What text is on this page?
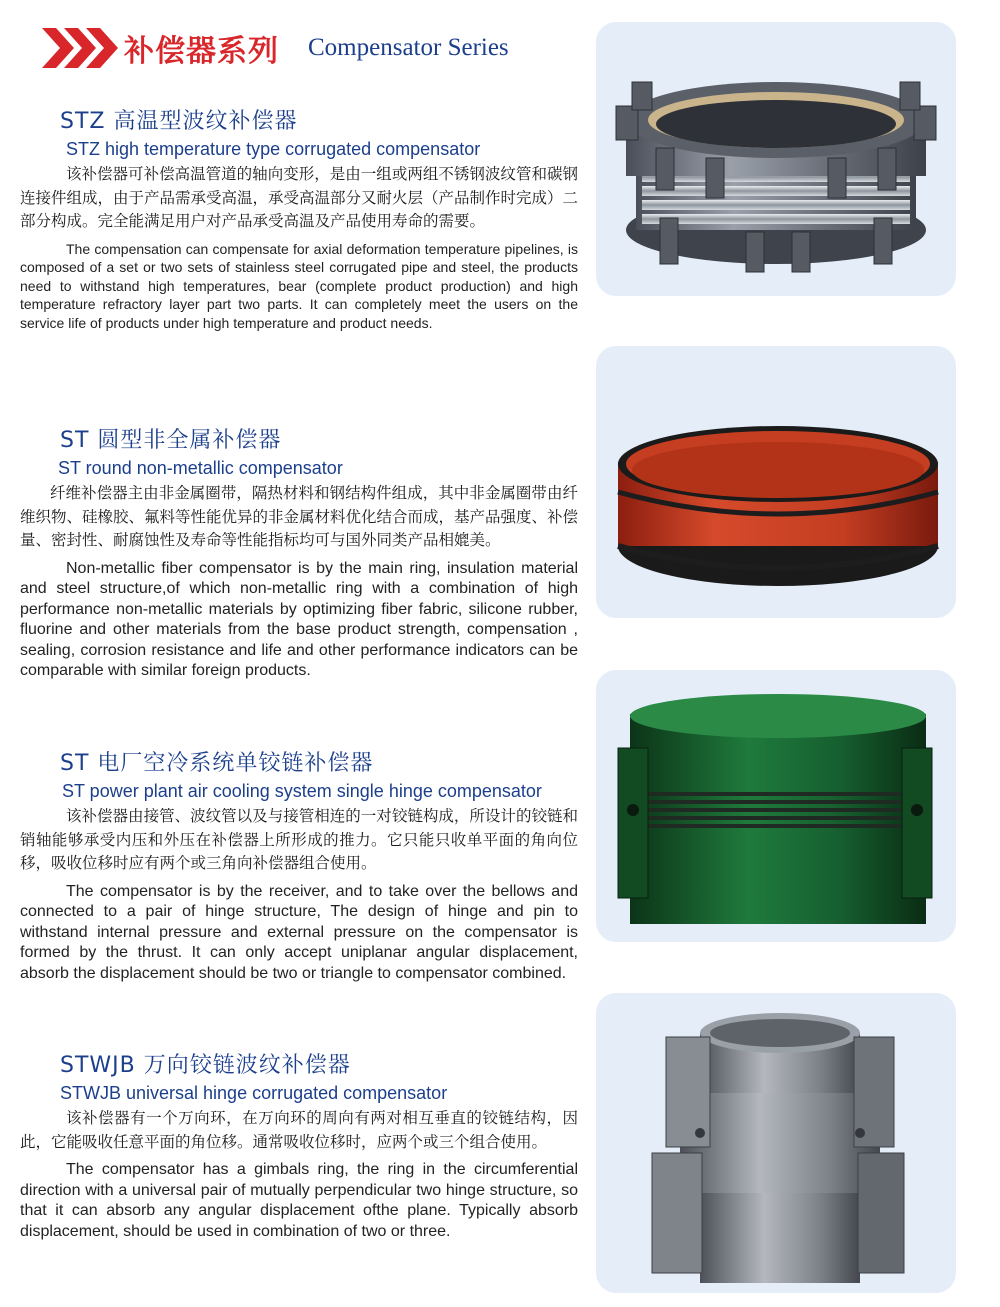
补偿器系列 Compensator Series
STZ 高温型波纹补偿器
STZ high temperature type corrugated compensator

该补偿器可补偿高温管道的轴向变形，是由一组或两组不锈钢波纹管和碳钢连接件组成，由于产品需承受高温，承受高温部分又耐火层（产品制作时完成）二部分构成。完全能满足用户对产品承受高温及产品使用寿命的需要。

The compensation can compensate for axial deformation temperature pipelines, is composed of a set or two sets of stainless steel corrugated pipe and steel, the products need to withstand high temperatures, bear (complete product production) and high temperature refractory layer part two parts. It can completely meet the users on the service life of products under high temperature and product needs.

ST 圆型非全属补偿器
ST round non-metallic compensator

纤维补偿器主由非金属圈带，隔热材料和钢结构件组成，其中非金属圈带由纤维织物、硅橡胶、氟料等性能优异的非金属材料优化结合而成，基产品强度、补偿量、密封性、耐腐蚀性及寿命等性能指标均可与国外同类产品相媲美。

Non-metallic fiber compensator is by the main ring, insulation material and steel structure,of which non-metallic ring with a combination of high performance non-metallic materials by optimizing fiber fabric, silicone rubber, fluorine and other materials from the base product strength, compensation , sealing, corrosion resistance and life and other performance indicators can be comparable with similar foreign products.

ST 电厂空冷系统单铰链补偿器
ST power plant air cooling system single hinge compensator

该补偿器由接管、波纹管以及与接管相连的一对铰链构成，所设计的铰链和销轴能够承受内压和外压在补偿器上所形成的推力。它只能只收单平面的角向位移，吸收位移时应有两个或三角向补偿器组合使用。

The compensator is by the receiver, and to take over the bellows and connected to a pair of hinge structure, The design of hinge and pin to withstand internal pressure and external pressure on the compensator is formed by the thrust. It can only accept uniplanar angular displacement, absorb the displacement should be two or triangle to compensator combined.

STWJB 万向铰链波纹补偿器
STWJB universal hinge corrugated compensator

该补偿器有一个万向环，在万向环的周向有两对相互垂直的铰链结构，因此，它能吸收任意平面的角位移。通常吸收位移时，应两个或三个组合使用。

The compensator has a gimbals ring, the ring in the circumferential direction with a universal pair of mutually perpendicular two hinge structure, so that it can absorb any angular displacement ofthe plane. Typically absorb displacement, should be used in combination of two or three.
